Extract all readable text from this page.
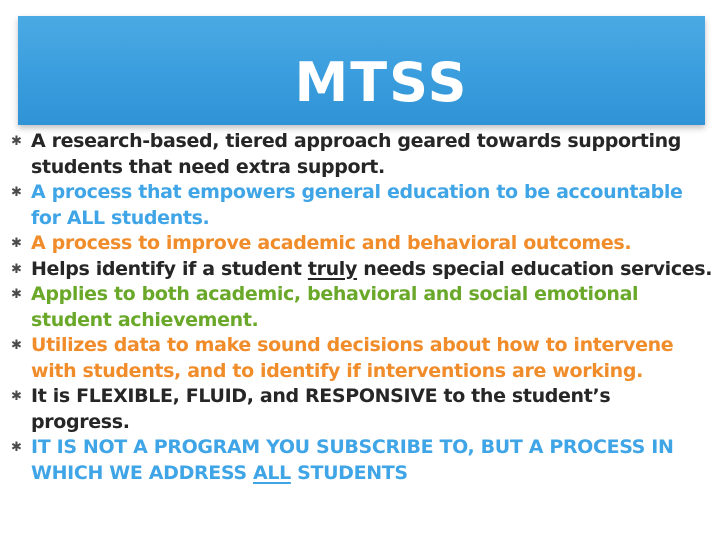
MTSS
✱ A research-based, tiered approach geared towards supporting students that need extra support.
✱ A process that empowers general education to be accountable for ALL students.
✱ A process to improve academic and behavioral outcomes.
✱ Helps identify if a student truly needs special education services.
✱ Applies to both academic, behavioral and social emotional student achievement.
✱ Utilizes data to make sound decisions about how to intervene with students, and to identify if interventions are working.
✱ It is FLEXIBLE, FLUID, and RESPONSIVE to the student’s progress.
✱ IT IS NOT A PROGRAM YOU SUBSCRIBE TO, BUT A PROCESS IN WHICH WE ADDRESS ALL STUDENTS
